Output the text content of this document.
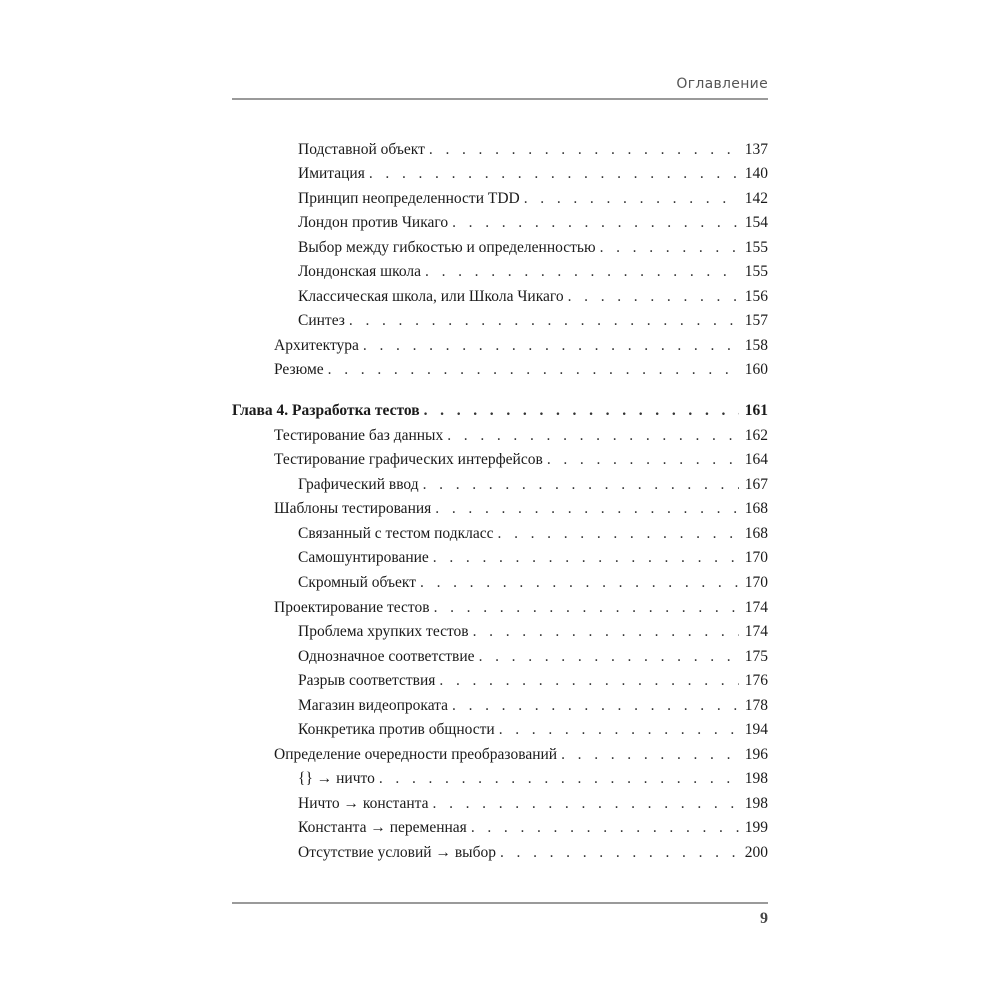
Оглавление
Подставной объект . . .	137
Имитация . . .	140
Принцип неопределенности TDD . . .	142
Лондон против Чикаго . . .	154
Выбор между гибкостью и определенностью . . .	155
Лондонская школа . . .	155
Классическая школа, или Школа Чикаго . . .	156
Синтез . . .	157
Архитектура . . .	158
Резюме . . .	160
Глава 4. Разработка тестов . . .	161
Тестирование баз данных . . .	162
Тестирование графических интерфейсов . . .	164
Графический ввод . . .	167
Шаблоны тестирования . . .	168
Связанный с тестом подкласс . . .	168
Самошунтирование . . .	170
Скромный объект . . .	170
Проектирование тестов . . .	174
Проблема хрупких тестов . . .	174
Однозначное соответствие . . .	175
Разрыв соответствия . . .	176
Магазин видеопроката . . .	178
Конкретика против общности . . .	194
Определение очередности преобразований . . .	196
{} → ничто . . .	198
Ничто → константа . . .	198
Константа → переменная . . .	199
Отсутствие условий → выбор . . .	200
9
